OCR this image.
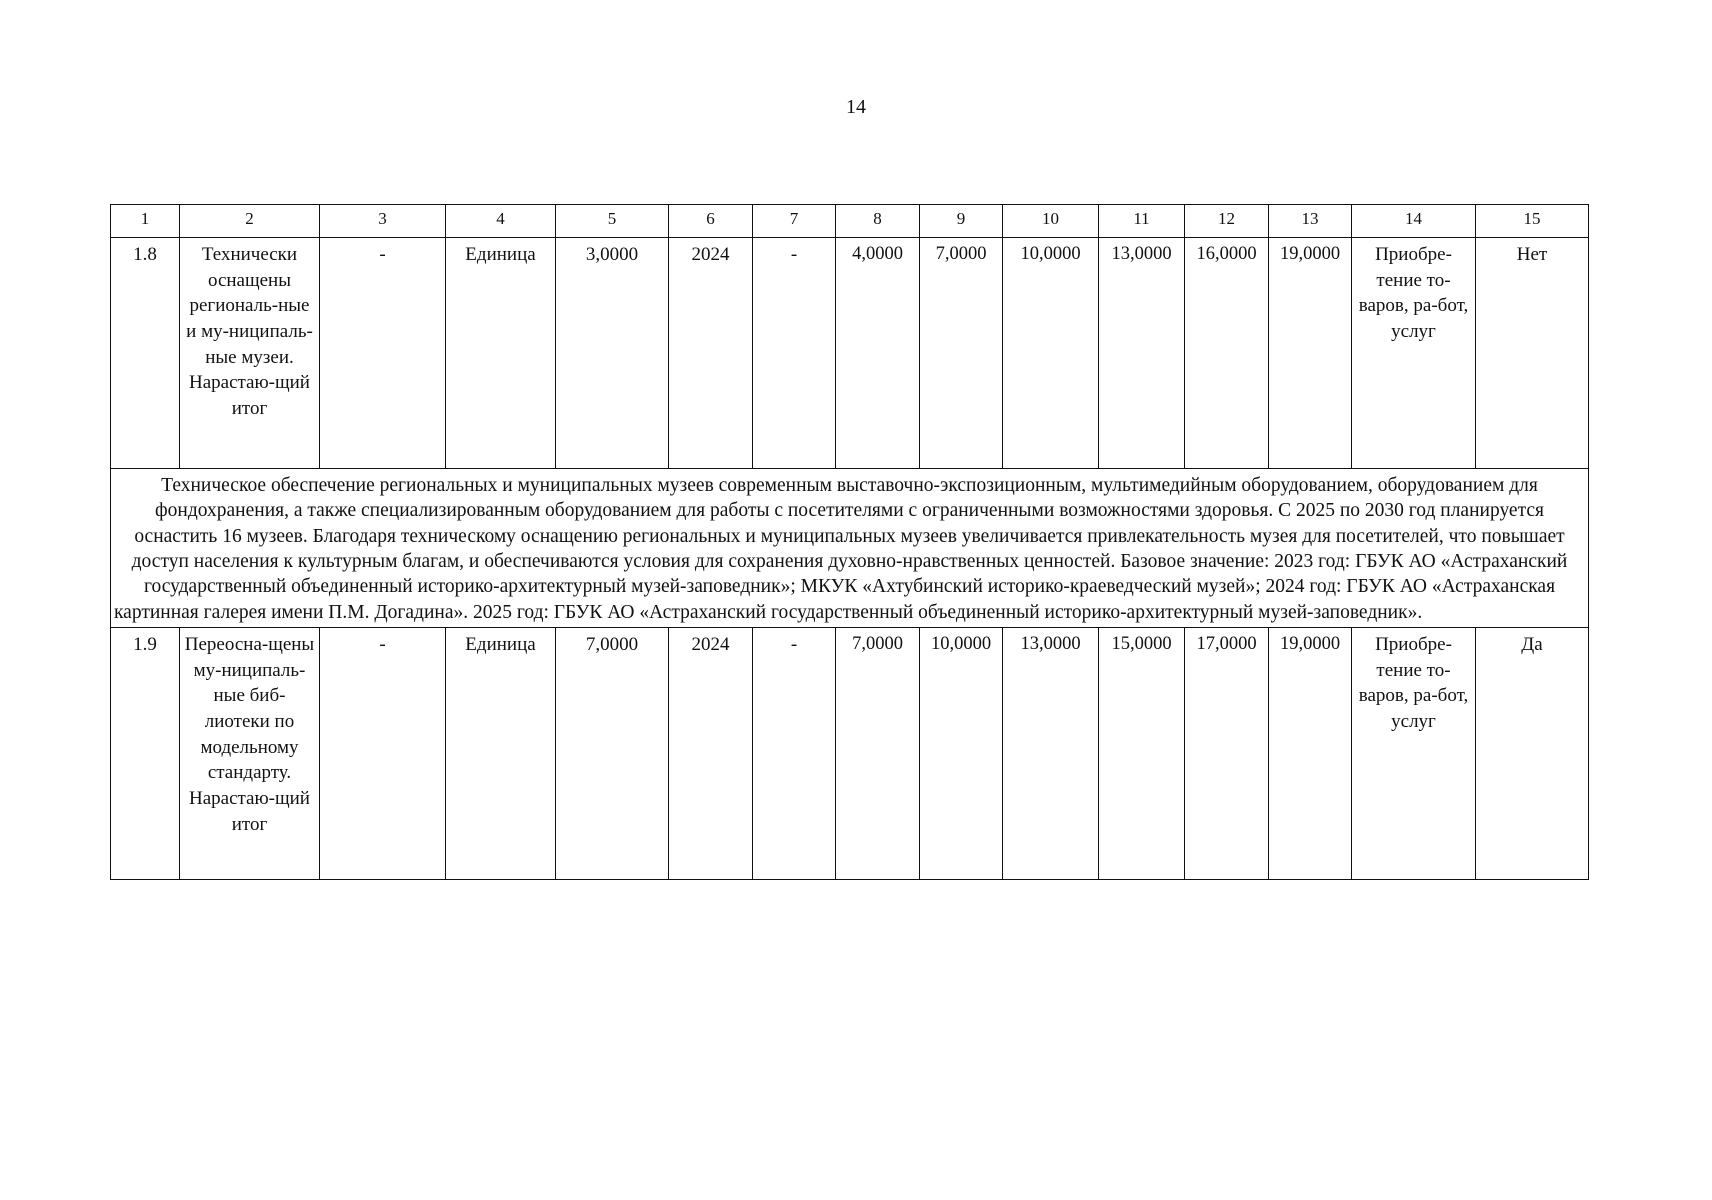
14
1	2	3	4	5	6	7	8	9	10	11	12	13	14	15
1.8	Технически оснащены региональ-ные и му-ниципаль-ные музеи. Нарастаю-щий итог	-	Единица	3,0000	2024	-	4,0000	7,0000	10,0000	13,0000	16,0000	19,0000	Приобре-тение то-варов, ра-бот, услуг	Нет
Техническое обеспечение региональных и муниципальных музеев современным выставочно-экспозиционным, мультимедийным оборудованием, оборудованием для фондохранения, а также специализированным оборудованием для работы с посетителями с ограниченными возможностями здоровья. С 2025 по 2030 год планируется оснастить 16 музеев. Благодаря техническому оснащению региональных и муниципальных музеев увеличивается привлекательность музея для посетителей, что повышает доступ населения к культурным благам, и обеспечиваются условия для сохранения духовно-нравственных ценностей. Базовое значение: 2023 год: ГБУК АО «Астраханский государственный объединенный историко-архитектурный музей-заповедник»; МКУК «Ахтубинский историко-краеведческий музей»; 2024 год: ГБУК АО «Астраханская картинная галерея имени П.М. Догадина». 2025 год: ГБУК АО «Астраханский государственный объединенный историко-архитектурный музей-заповедник».														
1.9	Переосна-щены му-ниципаль-ные биб-лиотеки по модельному стандарту. Нарастаю-щий итог	-	Единица	7,0000	2024	-	7,0000	10,0000	13,0000	15,0000	17,0000	19,0000	Приобре-тение то-варов, ра-бот, услуг	Да
